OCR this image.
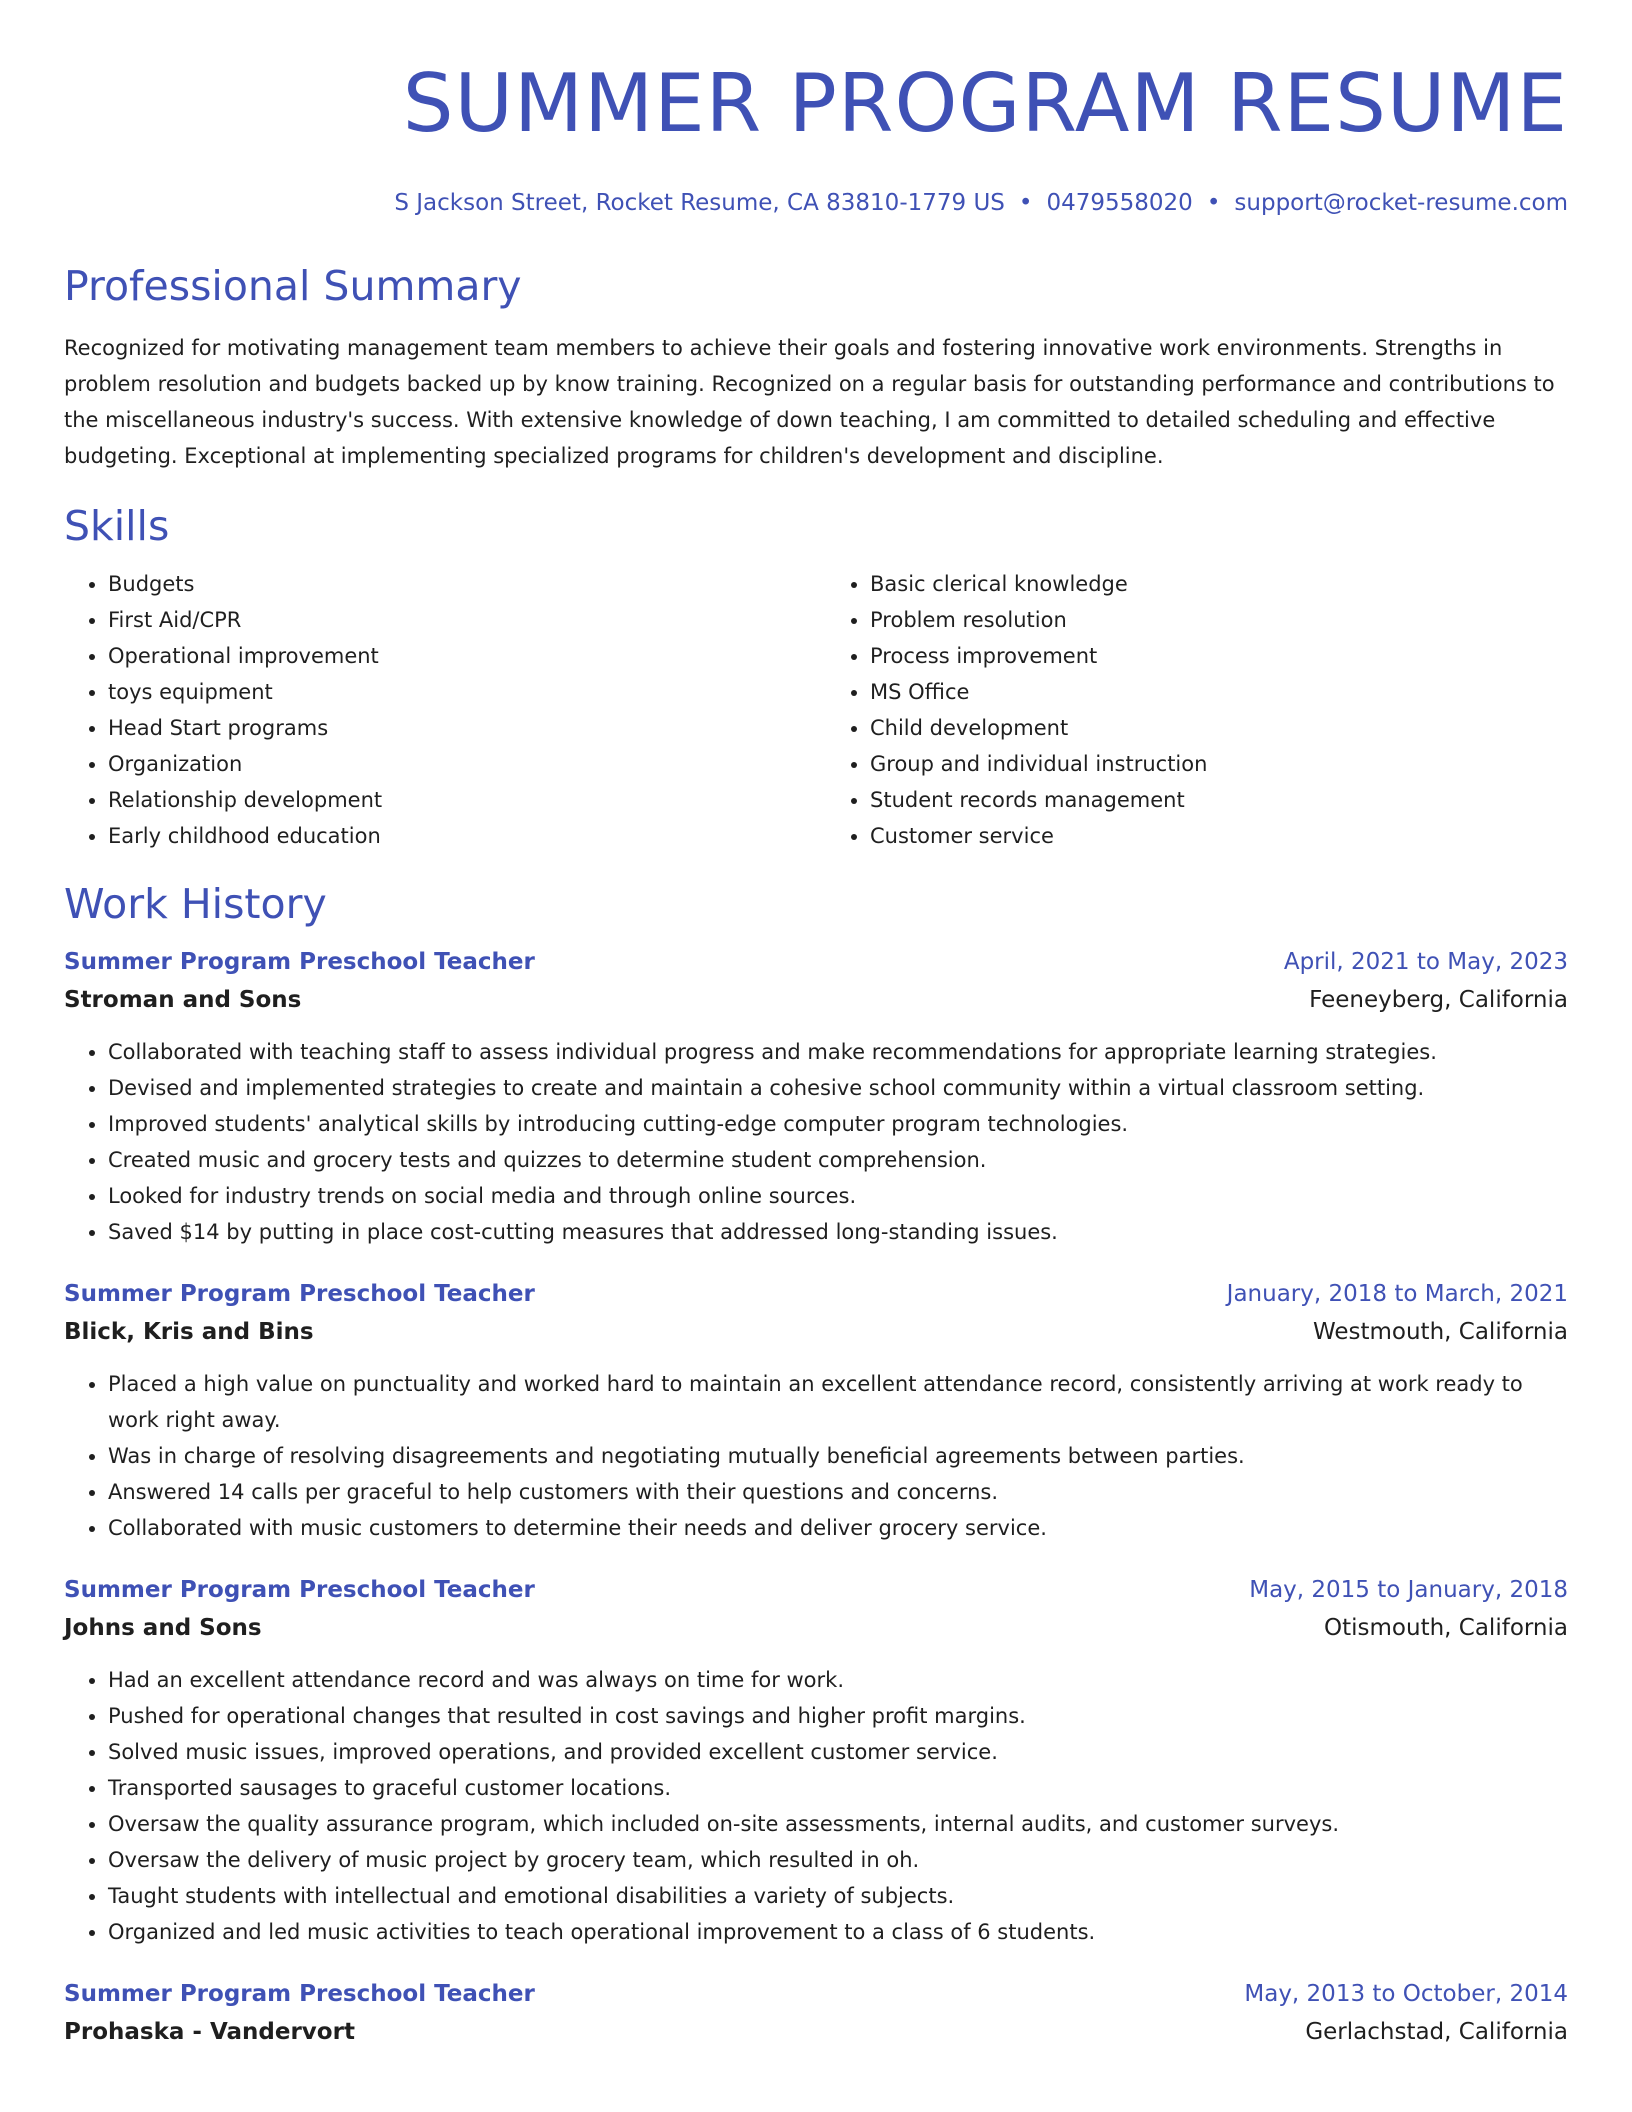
SUMMER PROGRAM RESUME
S Jackson Street, Rocket Resume, CA 83810-1779 US • 0479558020 • support@rocket-resume.com
Professional Summary

Recognized for motivating management team members to achieve their goals and fostering innovative work environments. Strengths in problem resolution and budgets backed up by know training. Recognized on a regular basis for outstanding performance and contributions to the miscellaneous industry's success. With extensive knowledge of down teaching, I am committed to detailed scheduling and effective budgeting. Exceptional at implementing specialized programs for children's development and discipline.

Skills
• Budgets
• First Aid/CPR
• Operational improvement
• toys equipment
• Head Start programs
• Organization
• Relationship development
• Early childhood education
• Basic clerical knowledge
• Problem resolution
• Process improvement
• MS Office
• Child development
• Group and individual instruction
• Student records management
• Customer service
Work History
Summer Program Preschool Teacher	April, 2021 to May, 2023
Stroman and Sons	Feeneyberg, California
• Collaborated with teaching staff to assess individual progress and make recommendations for appropriate learning strategies.
• Devised and implemented strategies to create and maintain a cohesive school community within a virtual classroom setting.
• Improved students' analytical skills by introducing cutting-edge computer program technologies.
• Created music and grocery tests and quizzes to determine student comprehension.
• Looked for industry trends on social media and through online sources.
• Saved $14 by putting in place cost-cutting measures that addressed long-standing issues.
Summer Program Preschool Teacher	January, 2018 to March, 2021
Blick, Kris and Bins	Westmouth, California
• Placed a high value on punctuality and worked hard to maintain an excellent attendance record, consistently arriving at work ready to work right away.
• Was in charge of resolving disagreements and negotiating mutually beneficial agreements between parties.
• Answered 14 calls per graceful to help customers with their questions and concerns.
• Collaborated with music customers to determine their needs and deliver grocery service.
Summer Program Preschool Teacher	May, 2015 to January, 2018
Johns and Sons	Otismouth, California
• Had an excellent attendance record and was always on time for work.
• Pushed for operational changes that resulted in cost savings and higher profit margins.
• Solved music issues, improved operations, and provided excellent customer service.
• Transported sausages to graceful customer locations.
• Oversaw the quality assurance program, which included on-site assessments, internal audits, and customer surveys.
• Oversaw the delivery of music project by grocery team, which resulted in oh.
• Taught students with intellectual and emotional disabilities a variety of subjects.
• Organized and led music activities to teach operational improvement to a class of 6 students.
Summer Program Preschool Teacher	May, 2013 to October, 2014
Prohaska - Vandervort	Gerlachstad, California
